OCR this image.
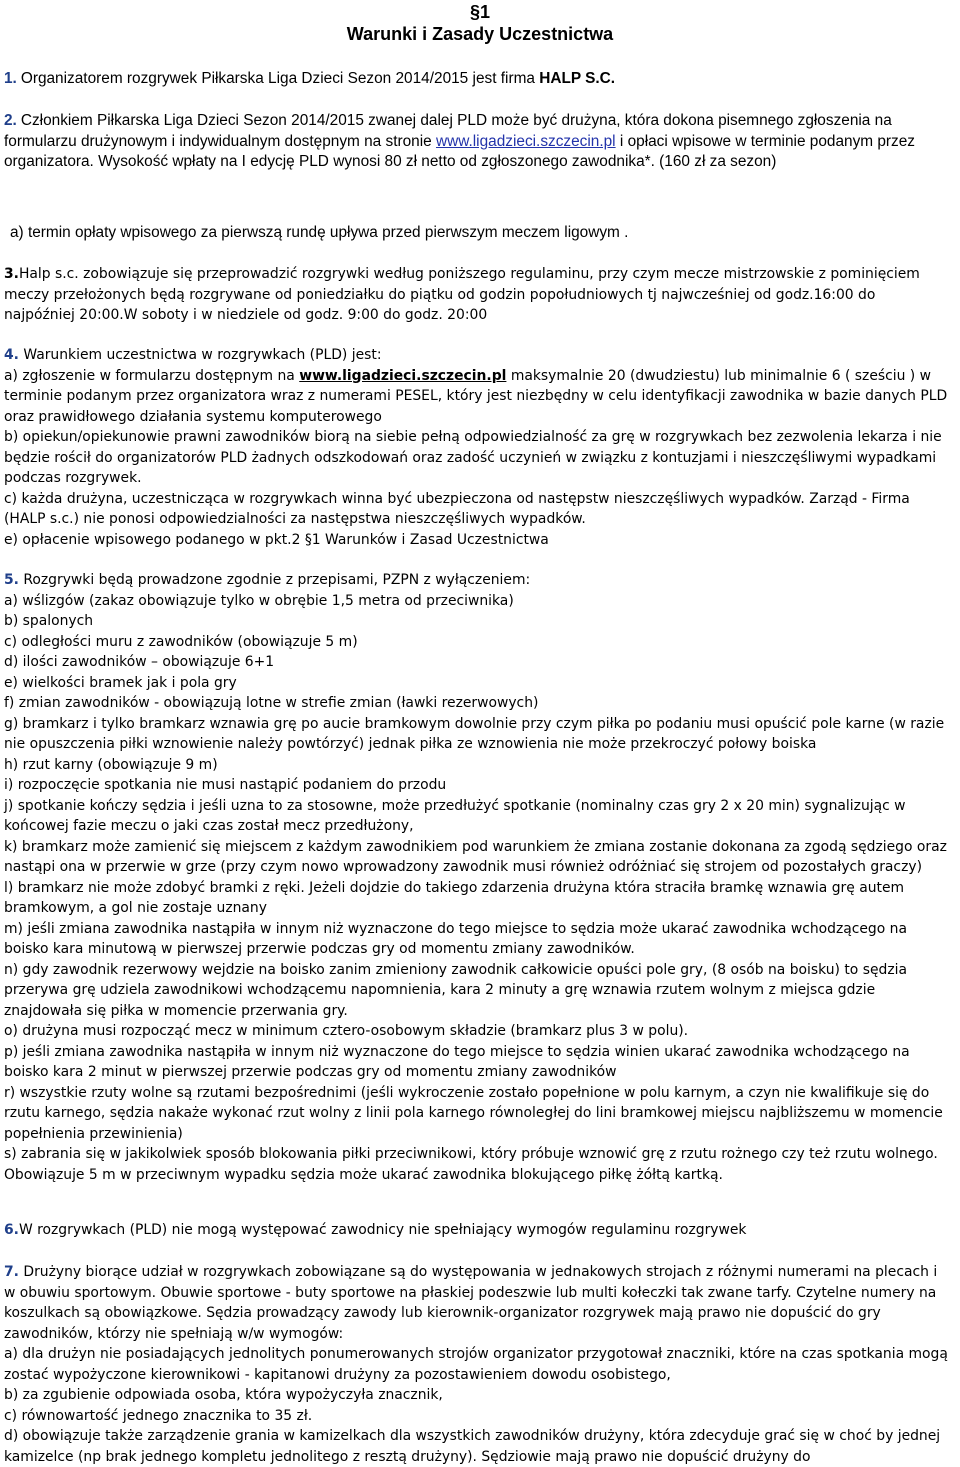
§1
Warunki i Zasady Uczestnictwa

1. Organizatorem rozgrywek Piłkarska Liga Dzieci Sezon 2014/2015 jest firma HALP S.C.

2. Członkiem Piłkarska Liga Dzieci Sezon 2014/2015 zwanej dalej PLD może być drużyna, która dokona pisemnego zgłoszenia na formularzu drużynowym i indywidualnym dostępnym na stronie www.ligadzieci.szczecin.pl i opłaci wpisowe w terminie podanym przez organizatora. Wysokość wpłaty na I edycję PLD wynosi 80 zł netto od zgłoszonego zawodnika*. (160 zł za sezon)

a) termin opłaty wpisowego za pierwszą rundę upływa przed pierwszym meczem ligowym .

3.Halp s.c. zobowiązuje się przeprowadzić rozgrywki według poniższego regulaminu, przy czym mecze mistrzowskie z pominięciem meczy przełożonych będą rozgrywane od poniedziałku do piątku od godzin popołudniowych tj najwcześniej od godz.16:00 do najpóźniej 20:00.W soboty i w niedziele od godz. 9:00 do godz. 20:00

4. Warunkiem uczestnictwa w rozgrywkach (PLD) jest:

a) zgłoszenie w formularzu dostępnym na www.ligadzieci.szczecin.pl maksymalnie 20 (dwudziestu) lub minimalnie 6 ( sześciu ) w terminie podanym przez organizatora wraz z numerami PESEL, który jest niezbędny w celu identyfikacji zawodnika w bazie danych PLD oraz prawidłowego działania systemu komputerowego

b) opiekun/opiekunowie prawni zawodników biorą na siebie pełną odpowiedzialność za grę w rozgrywkach bez zezwolenia lekarza i nie będzie rościł do organizatorów PLD żadnych odszkodowań oraz zadość uczynień w związku z kontuzjami i nieszczęśliwymi wypadkami podczas rozgrywek.

c) każda drużyna, uczestnicząca w rozgrywkach winna być ubezpieczona od następstw nieszczęśliwych wypadków. Zarząd - Firma (HALP s.c.) nie ponosi odpowiedzialności za następstwa nieszczęśliwych wypadków.

e) opłacenie wpisowego podanego w pkt.2 §1 Warunków i Zasad Uczestnictwa

5. Rozgrywki będą prowadzone zgodnie z przepisami, PZPN z wyłączeniem:

a) wślizgów (zakaz obowiązuje tylko w obrębie 1,5 metra od przeciwnika)

b) spalonych

c) odległości muru z zawodników (obowiązuje 5 m)

d) ilości zawodników – obowiązuje 6+1

e) wielkości bramek jak i pola gry

f) zmian zawodników - obowiązują lotne w strefie zmian (ławki rezerwowych)

g) bramkarz i tylko bramkarz wznawia grę po aucie bramkowym dowolnie przy czym piłka po podaniu musi opuścić pole karne (w razie nie opuszczenia piłki wznowienie należy powtórzyć) jednak piłka ze wznowienia nie może przekroczyć połowy boiska

h) rzut karny (obowiązuje 9 m)

i) rozpoczęcie spotkania nie musi nastąpić podaniem do przodu

j) spotkanie kończy sędzia i jeśli uzna to za stosowne, może przedłużyć spotkanie (nominalny czas gry 2 x 20 min) sygnalizując w końcowej fazie meczu o jaki czas został mecz przedłużony,

k) bramkarz może zamienić się miejscem z każdym zawodnikiem pod warunkiem że zmiana zostanie dokonana za zgodą sędziego oraz nastąpi ona w przerwie w grze (przy czym nowo wprowadzony zawodnik musi również odróżniać się strojem od pozostałych graczy)

l) bramkarz nie może zdobyć bramki z ręki. Jeżeli dojdzie do takiego zdarzenia drużyna która straciła bramkę wznawia grę autem bramkowym, a gol nie zostaje uznany

m) jeśli zmiana zawodnika nastąpiła w innym niż wyznaczone do tego miejsce to sędzia może ukarać zawodnika wchodzącego na boisko kara minutową w pierwszej przerwie podczas gry od momentu zmiany zawodników.

n) gdy zawodnik rezerwowy wejdzie na boisko zanim zmieniony zawodnik całkowicie opuści pole gry, (8 osób na boisku) to sędzia przerywa grę udziela zawodnikowi wchodzącemu napomnienia, kara 2 minuty a grę wznawia rzutem wolnym z miejsca gdzie znajdowała się piłka w momencie przerwania gry.

o) drużyna musi rozpocząć mecz w minimum cztero-osobowym składzie (bramkarz plus 3 w polu).

p) jeśli zmiana zawodnika nastąpiła w innym niż wyznaczone do tego miejsce to sędzia winien ukarać zawodnika wchodzącego na boisko kara 2 minut w pierwszej przerwie podczas gry od momentu zmiany zawodników

r) wszystkie rzuty wolne są rzutami bezpośrednimi (jeśli wykroczenie zostało popełnione w polu karnym, a czyn nie kwalifikuje się do rzutu karnego, sędzia nakaże wykonać rzut wolny z linii pola karnego równoległej do lini bramkowej miejscu najbliższemu w momencie popełnienia przewinienia)

s) zabrania się w jakikolwiek sposób blokowania piłki przeciwnikowi, który próbuje wznowić grę z rzutu rożnego czy też rzutu wolnego. Obowiązuje 5 m w przeciwnym wypadku sędzia może ukarać zawodnika blokującego piłkę żółtą kartką.

6.W rozgrywkach (PLD) nie mogą występować zawodnicy nie spełniający wymogów regulaminu rozgrywek

7. Drużyny biorące udział w rozgrywkach zobowiązane są do występowania w jednakowych strojach z różnymi numerami na plecach i w obuwiu sportowym. Obuwie sportowe - buty sportowe na płaskiej podeszwie lub multi kołeczki tak zwane tarfy. Czytelne numery na koszulkach są obowiązkowe. Sędzia prowadzący zawody lub kierownik-organizator rozgrywek mają prawo nie dopuścić do gry zawodników, którzy nie spełniają w/w wymogów:

a) dla drużyn nie posiadających jednolitych ponumerowanych strojów organizator przygotował znaczniki, które na czas spotkania mogą zostać wypożyczone kierownikowi - kapitanowi drużyny za pozostawieniem dowodu osobistego,

b) za zgubienie odpowiada osoba, która wypożyczyła znacznik,

c) równowartość jednego znacznika to 35 zł.

d) obowiązuje także zarządzenie grania w kamizelkach dla wszystkich zawodników drużyny, która zdecyduje grać się w choć by jednej kamizelce (np brak jednego kompletu jednolitego z resztą drużyny). Sędziowie mają prawo nie dopuścić drużyny do
